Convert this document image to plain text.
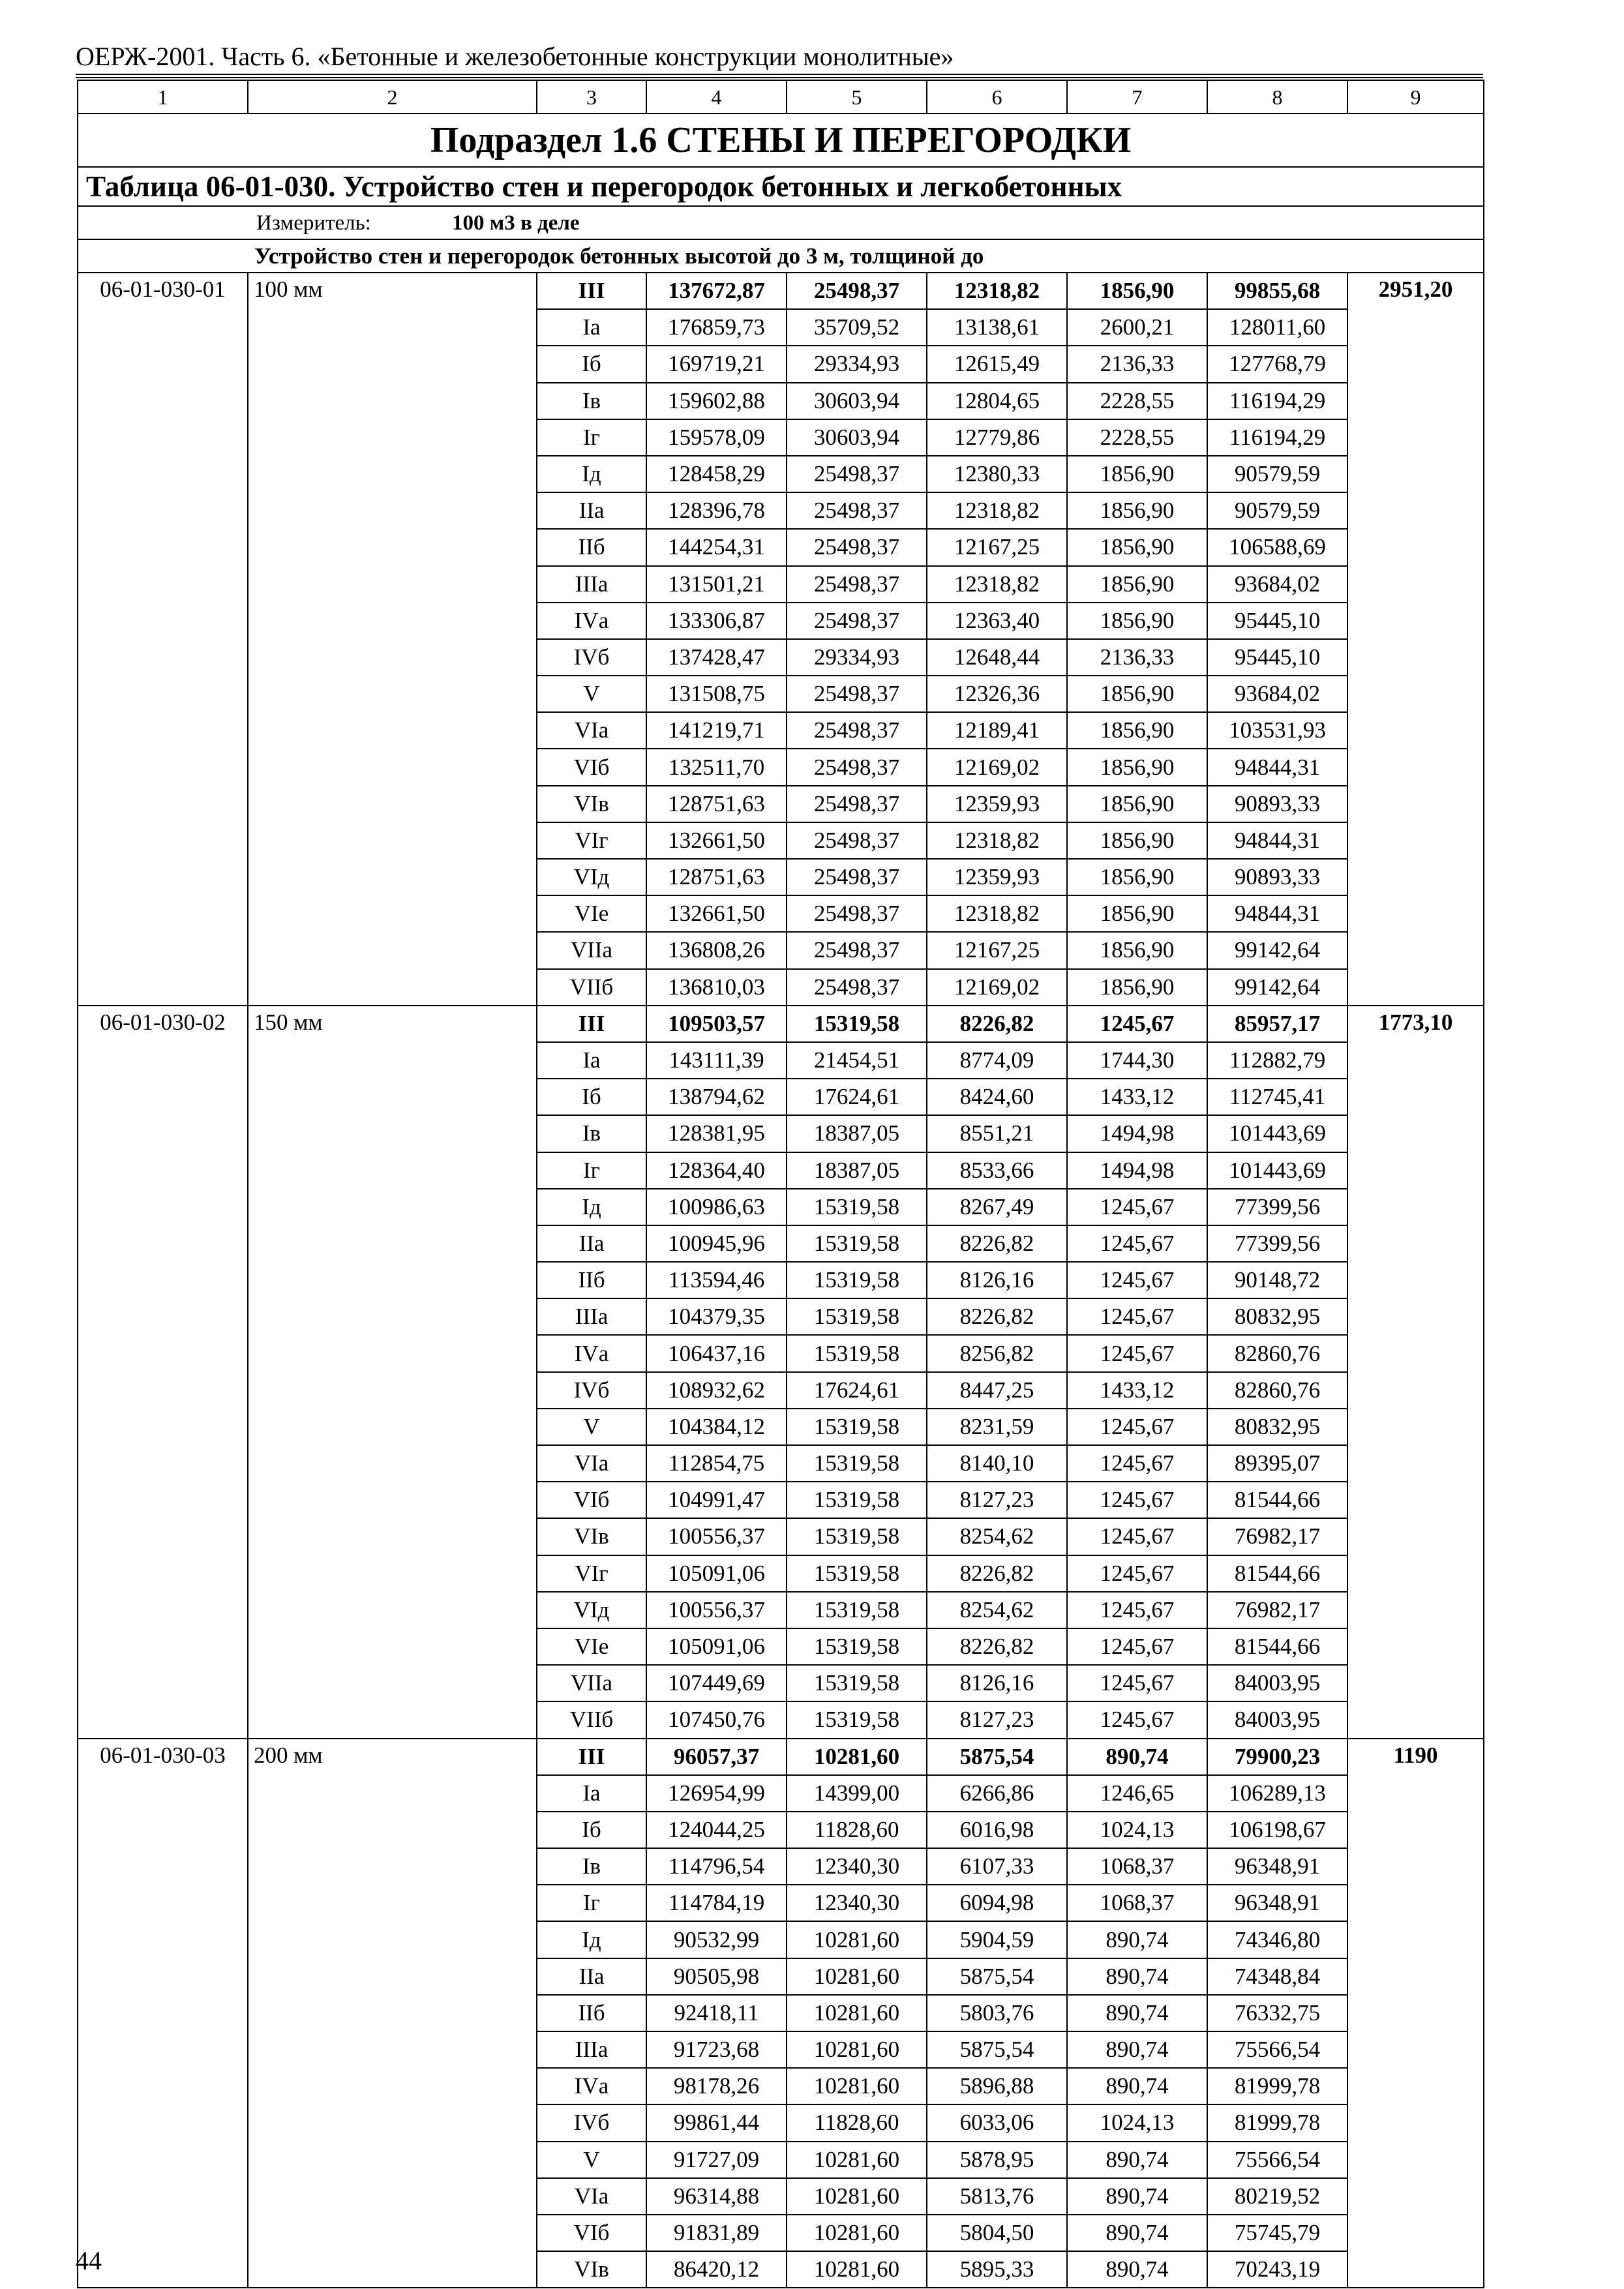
ОЕРЖ-2001. Часть 6. «Бетонные и железобетонные конструкции монолитные»
1	2	3	4	5	6	7	8	9
Подраздел 1.6 СТЕНЫ И ПЕРЕГОРОДКИ								
Таблица 06-01-030. Устройство стен и перегородок бетонных и легкобетонных								
Измеритель: 100 м3 в деле								
Устройство стен и перегородок бетонных высотой до 3 м, толщиной до								
06-01-030-01	100 мм	III	137672,87	25498,37	12318,82	1856,90	99855,68	2951,20
		Iа	176859,73	35709,52	13138,61	2600,21	128011,60	
		Iб	169719,21	29334,93	12615,49	2136,33	127768,79	
		Iв	159602,88	30603,94	12804,65	2228,55	116194,29	
		Iг	159578,09	30603,94	12779,86	2228,55	116194,29	
		Iд	128458,29	25498,37	12380,33	1856,90	90579,59	
		IIа	128396,78	25498,37	12318,82	1856,90	90579,59	
		IIб	144254,31	25498,37	12167,25	1856,90	106588,69	
		IIIа	131501,21	25498,37	12318,82	1856,90	93684,02	
		IVа	133306,87	25498,37	12363,40	1856,90	95445,10	
		IVб	137428,47	29334,93	12648,44	2136,33	95445,10	
		V	131508,75	25498,37	12326,36	1856,90	93684,02	
		VIа	141219,71	25498,37	12189,41	1856,90	103531,93	
		VIб	132511,70	25498,37	12169,02	1856,90	94844,31	
		VIв	128751,63	25498,37	12359,93	1856,90	90893,33	
		VIг	132661,50	25498,37	12318,82	1856,90	94844,31	
		VIд	128751,63	25498,37	12359,93	1856,90	90893,33	
		VIе	132661,50	25498,37	12318,82	1856,90	94844,31	
		VIIа	136808,26	25498,37	12167,25	1856,90	99142,64	
		VIIб	136810,03	25498,37	12169,02	1856,90	99142,64	
06-01-030-02	150 мм	III	109503,57	15319,58	8226,82	1245,67	85957,17	1773,10
		Iа	143111,39	21454,51	8774,09	1744,30	112882,79	
		Iб	138794,62	17624,61	8424,60	1433,12	112745,41	
		Iв	128381,95	18387,05	8551,21	1494,98	101443,69	
		Iг	128364,40	18387,05	8533,66	1494,98	101443,69	
		Iд	100986,63	15319,58	8267,49	1245,67	77399,56	
		IIа	100945,96	15319,58	8226,82	1245,67	77399,56	
		IIб	113594,46	15319,58	8126,16	1245,67	90148,72	
		IIIа	104379,35	15319,58	8226,82	1245,67	80832,95	
		IVа	106437,16	15319,58	8256,82	1245,67	82860,76	
		IVб	108932,62	17624,61	8447,25	1433,12	82860,76	
		V	104384,12	15319,58	8231,59	1245,67	80832,95	
		VIа	112854,75	15319,58	8140,10	1245,67	89395,07	
		VIб	104991,47	15319,58	8127,23	1245,67	81544,66	
		VIв	100556,37	15319,58	8254,62	1245,67	76982,17	
		VIг	105091,06	15319,58	8226,82	1245,67	81544,66	
		VIд	100556,37	15319,58	8254,62	1245,67	76982,17	
		VIе	105091,06	15319,58	8226,82	1245,67	81544,66	
		VIIа	107449,69	15319,58	8126,16	1245,67	84003,95	
		VIIб	107450,76	15319,58	8127,23	1245,67	84003,95	
06-01-030-03	200 мм	III	96057,37	10281,60	5875,54	890,74	79900,23	1190
		Iа	126954,99	14399,00	6266,86	1246,65	106289,13	
		Iб	124044,25	11828,60	6016,98	1024,13	106198,67	
		Iв	114796,54	12340,30	6107,33	1068,37	96348,91	
		Iг	114784,19	12340,30	6094,98	1068,37	96348,91	
		Iд	90532,99	10281,60	5904,59	890,74	74346,80	
		IIа	90505,98	10281,60	5875,54	890,74	74348,84	
		IIб	92418,11	10281,60	5803,76	890,74	76332,75	
		IIIа	91723,68	10281,60	5875,54	890,74	75566,54	
		IVа	98178,26	10281,60	5896,88	890,74	81999,78	
		IVб	99861,44	11828,60	6033,06	1024,13	81999,78	
		V	91727,09	10281,60	5878,95	890,74	75566,54	
		VIа	96314,88	10281,60	5813,76	890,74	80219,52	
		VIб	91831,89	10281,60	5804,50	890,74	75745,79	
		VIв	86420,12	10281,60	5895,33	890,74	70243,19	
44
